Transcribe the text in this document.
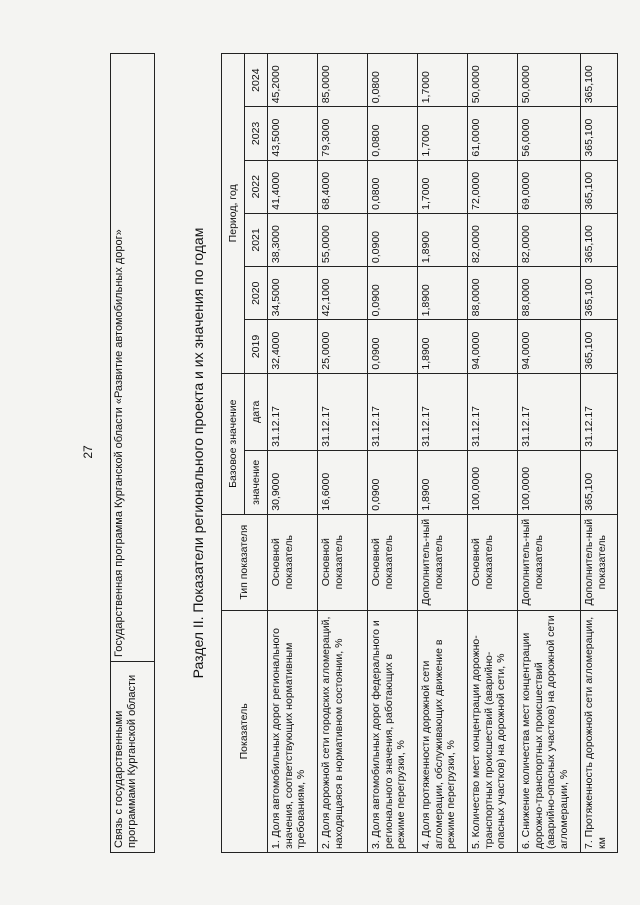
27
Связь с государственными программами Курганской области	Государственная программа Курганской области «Развитие автомобильных дорог»	Раздел II. Показатели регионального проекта и их значения по годам
Показатель	Тип показателя	Базовое значение		Период, год					
		значение	дата	2019	2020	2021	2022	2023	2024
1. Доля автомобильных дорог регионального значения, соответствующих нормативным требованиям, %	Основной показатель	30,9000	31.12.17	32,4000	34,5000	38,3000	41,4000	43,5000	45,2000
2. Доля дорожной сети городских агломераций, находящаяся в нормативном состоянии, %	Основной показатель	16,6000	31.12.17	25,0000	42,1000	55,0000	68,4000	79,3000	85,0000
3. Доля автомобильных дорог федерального и регионального значения, работающих в режиме перегрузки, %	Основной показатель	0,0900	31.12.17	0,0900	0,0900	0,0900	0,0800	0,0800	0,0800
4. Доля протяженности дорожной сети агломерации, обслуживающих движение в режиме перегрузки, %	Дополнитель-ный показатель	1,8900	31.12.17	1,8900	1,8900	1,8900	1,7000	1,7000	1,7000
5. Количество мест концентрации дорожно-транспортных происшествий (аварийно-опасных участков) на дорожной сети, %	Основной показатель	100,0000	31.12.17	94,0000	88,0000	82,0000	72,0000	61,0000	50,0000
6. Снижение количества мест концентрации дорожно-транспортных происшествий (аварийно-опасных участков) на дорожной сети агломерации, %	Дополнитель-ный показатель	100,0000	31.12.17	94,0000	88,0000	82,0000	69,0000	56,0000	50,0000
7. Протяженность дорожной сети агломерации, км	Дополнитель-ный показатель	365,100	31.12.17	365,100	365,100	365,100	365,100	365,100	365,100
